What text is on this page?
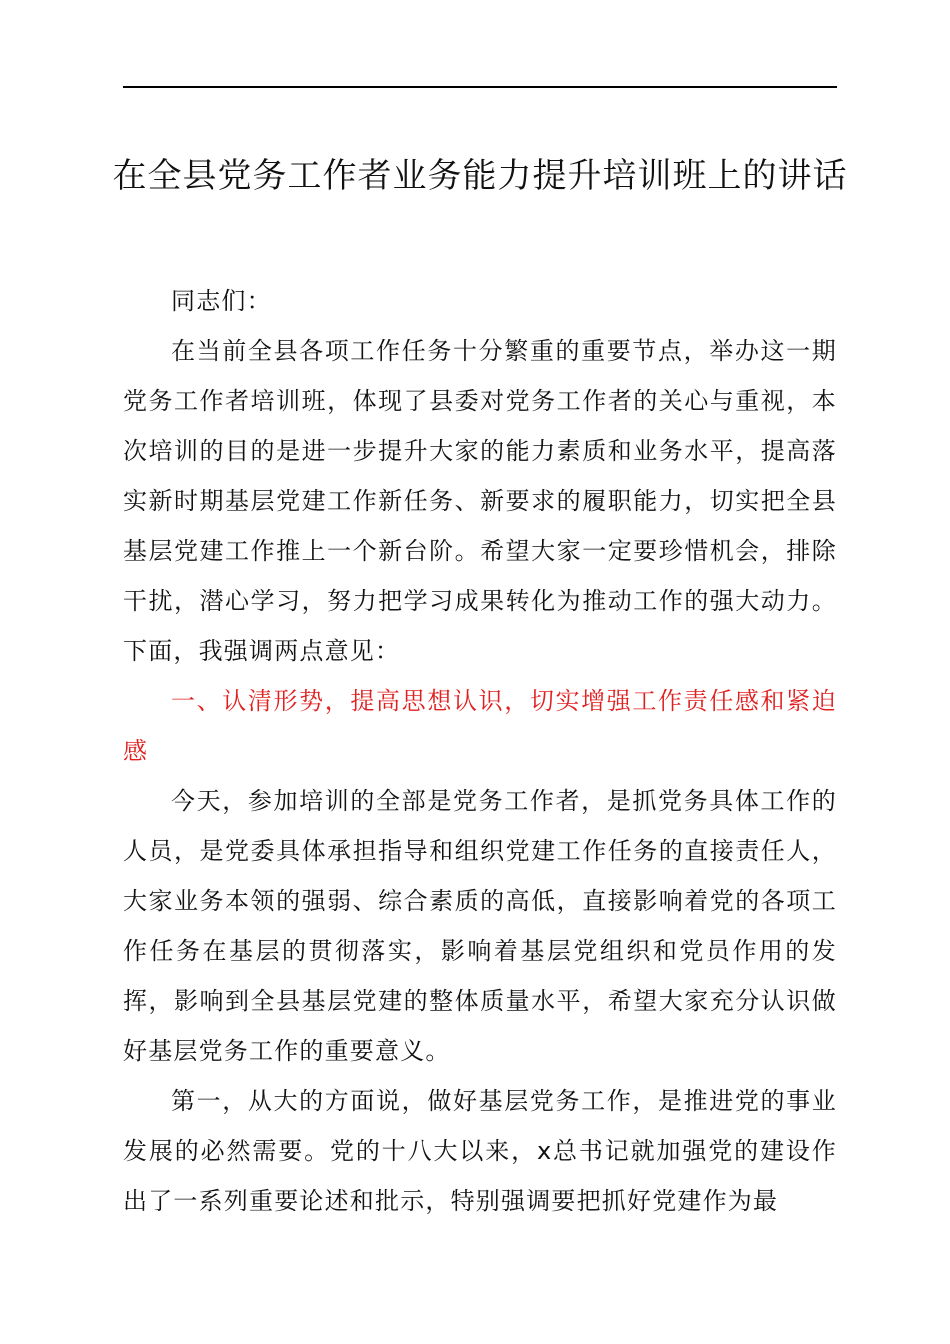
在全县党务工作者业务能力提升培训班上的讲话

同志们：

在当前全县各项工作任务十分繁重的重要节点，举办这一期党务工作者培训班，体现了县委对党务工作者的关心与重视，本次培训的目的是进一步提升大家的能力素质和业务水平，提高落实新时期基层党建工作新任务、新要求的履职能力，切实把全县基层党建工作推上一个新台阶。希望大家一定要珍惜机会，排除干扰，潜心学习，努力把学习成果转化为推动工作的强大动力。下面，我强调两点意见：

一、认清形势，提高思想认识，切实增强工作责任感和紧迫感

今天，参加培训的全部是党务工作者，是抓党务具体工作的人员，是党委具体承担指导和组织党建工作任务的直接责任人，大家业务本领的强弱、综合素质的高低，直接影响着党的各项工作任务在基层的贯彻落实，影响着基层党组织和党员作用的发挥，影响到全县基层党建的整体质量水平，希望大家充分认识做好基层党务工作的重要意义。

第一，从大的方面说，做好基层党务工作，是推进党的事业发展的必然需要。党的十八大以来，x总书记就加强党的建设作出了一系列重要论述和批示，特别强调要把抓好党建作为最
